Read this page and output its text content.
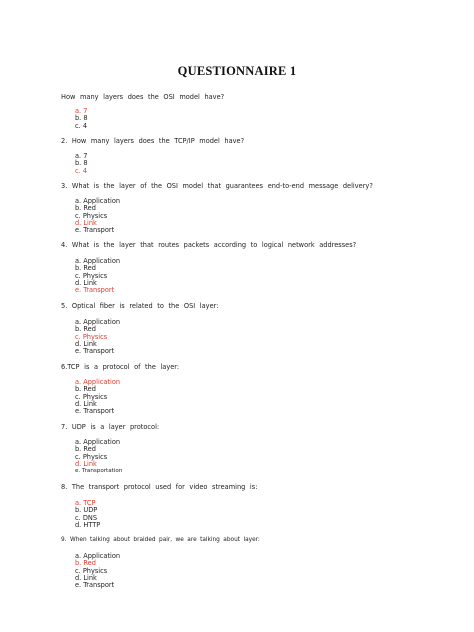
QUESTIONNAIRE 1
How many layers does the OSI model have?
a. 7
b. 8
c. 4
2. How many layers does the TCP/IP model have?
a. 7
b. 8
c. 4
3. What is the layer of the OSI model that guarantees end-to-end message delivery?
a. Application
b. Red
c. Physics
d. Link
e. Transport
4. What is the layer that routes packets according to logical network addresses?
a. Application
b. Red
c. Physics
d. Link
e. Transport
5. Optical fiber is related to the OSI layer:
a. Application
b. Red
c. Physics
d. Link
e. Transport
6.TCP is a protocol of the layer:
a. Application
b. Red
c. Physics
d. Link
e. Transport
7. UDP is a layer protocol:
a. Application
b. Red
c. Physics
d. Link
e. Transportation
8. The transport protocol used for video streaming is:
a. TCP
b. UDP
c. DNS
d. HTTP
9. When talking about braided pair, we are talking about layer:
a. Application
b. Red
c. Physics
d. Link
e. Transport
